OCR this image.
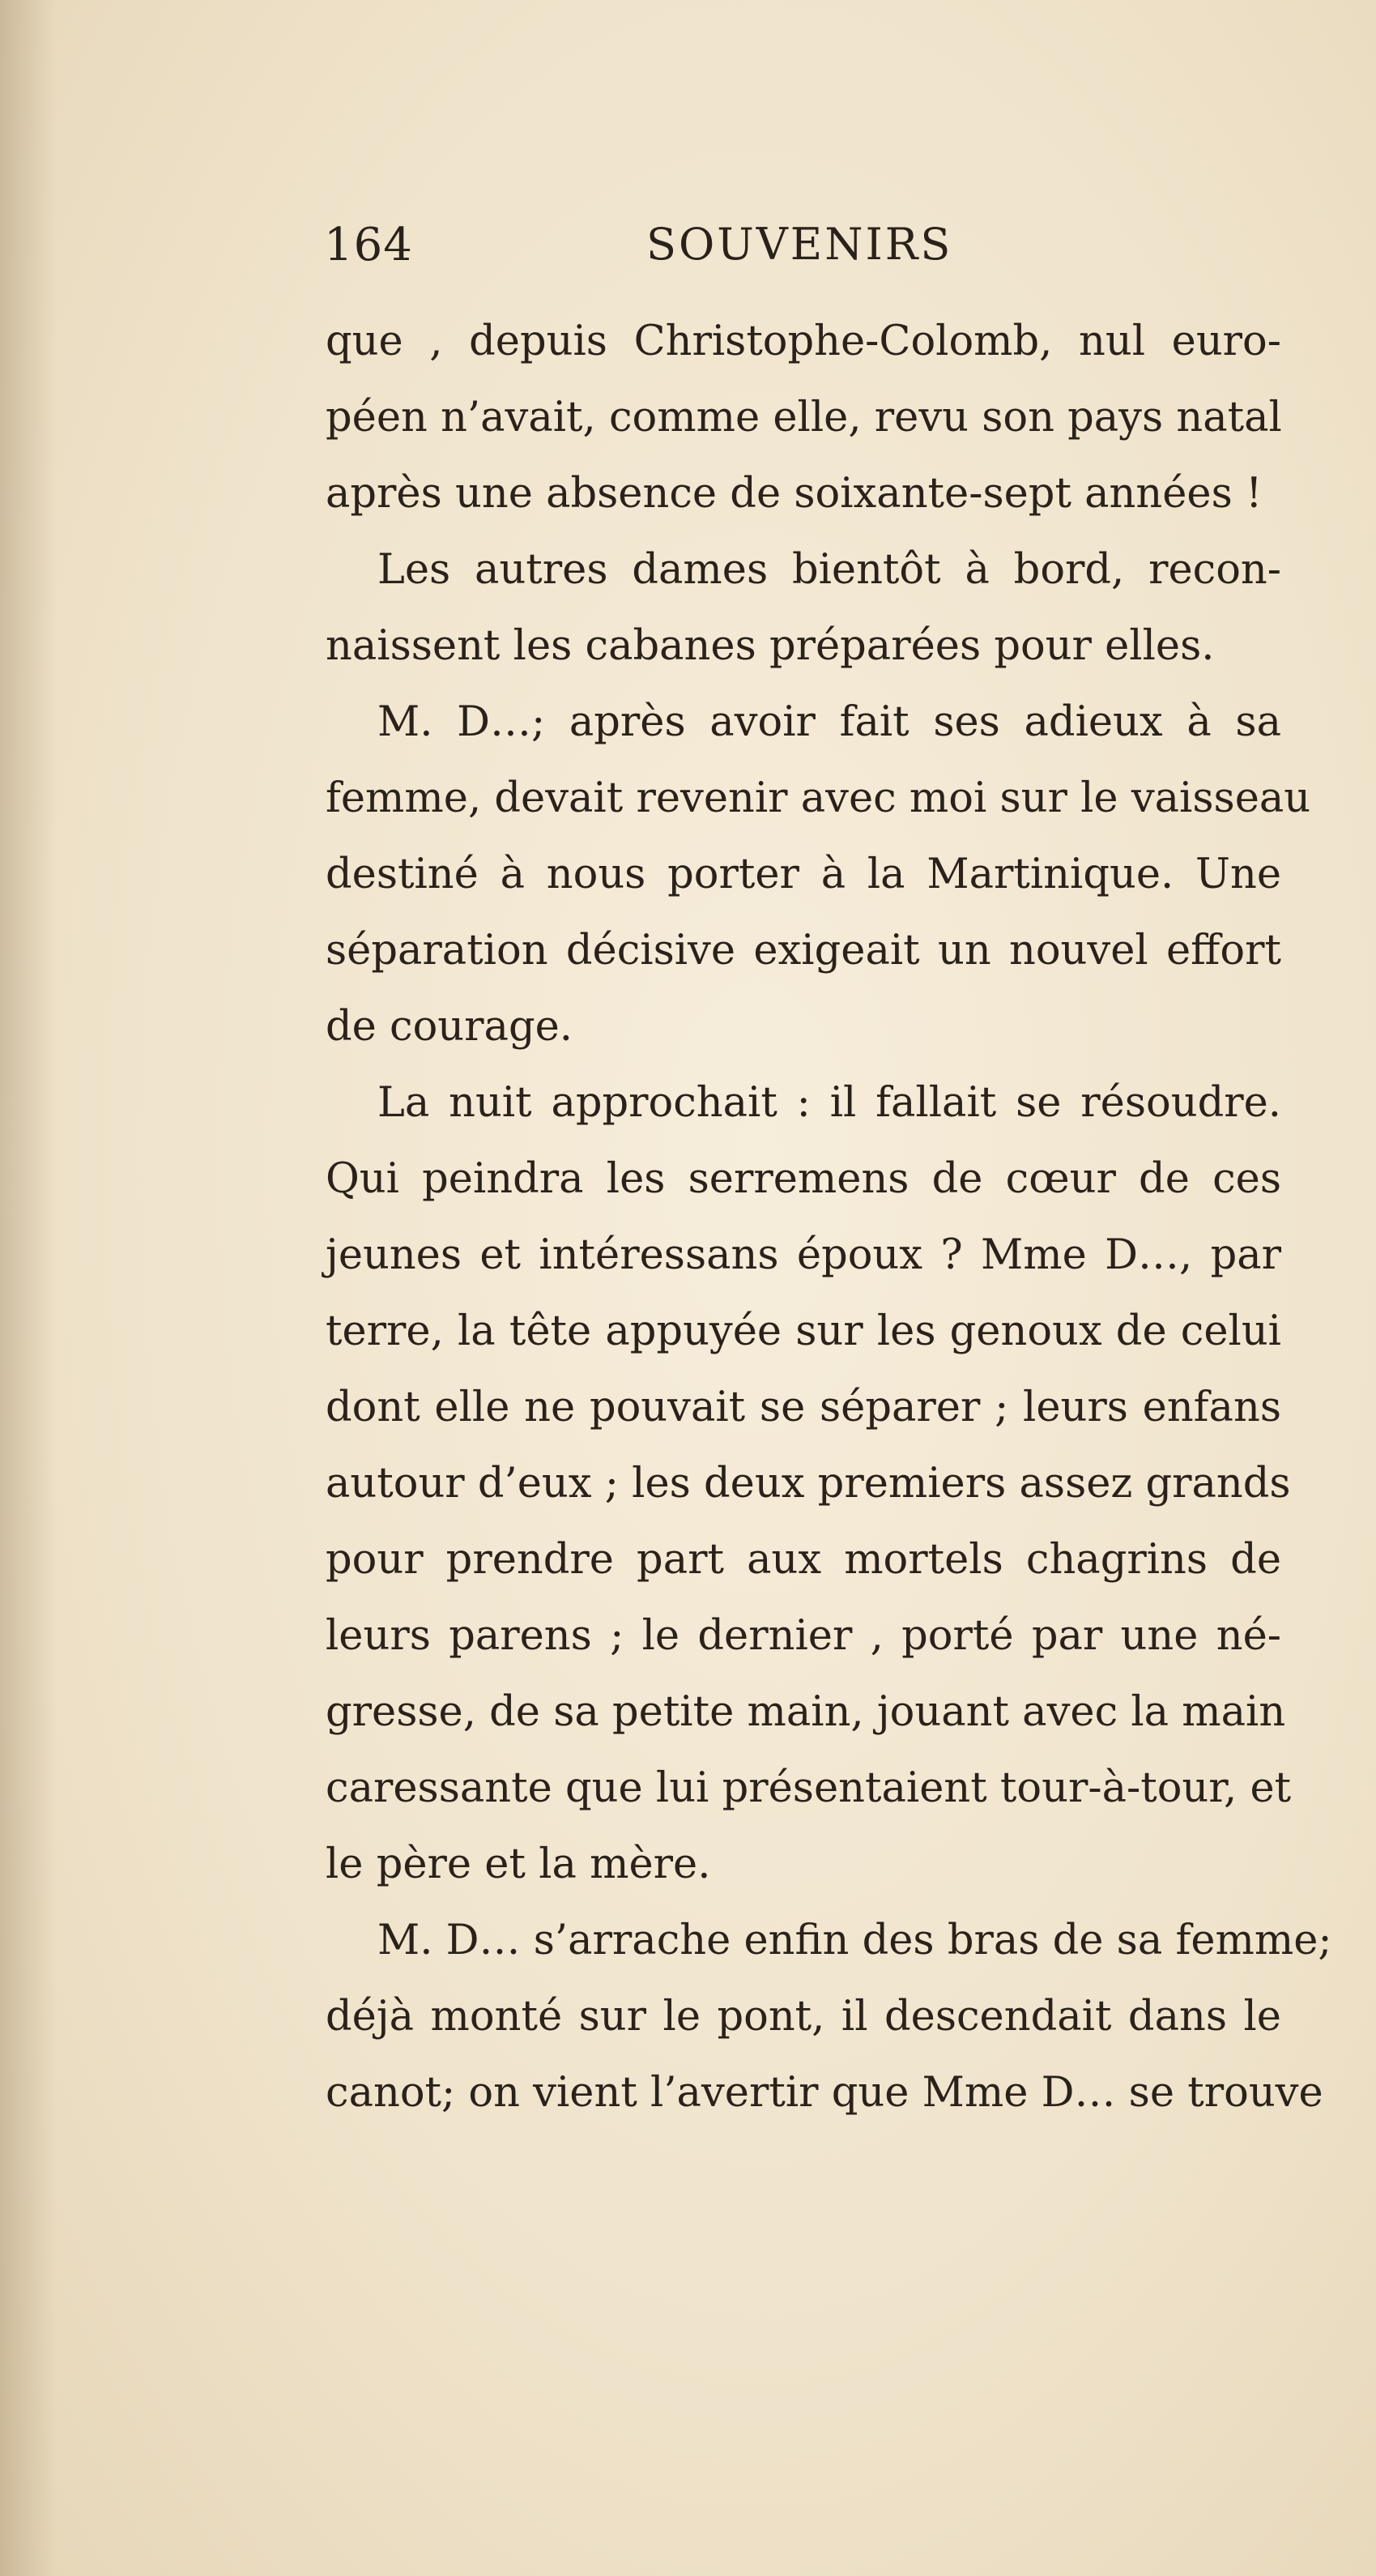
164	SOUVENIRS
que , depuis Christophe-Colomb, nul euro-
péen n’avait, comme elle, revu son pays natal
après une absence de soixante-sept années !
Les autres dames bientôt à bord, recon-
naissent les cabanes préparées pour elles.
M. D…; après avoir fait ses adieux à sa
femme, devait revenir avec moi sur le vaisseau
destiné à nous porter à la Martinique. Une
séparation décisive exigeait un nouvel effort
de courage.
La nuit approchait : il fallait se résoudre.
Qui peindra les serremens de cœur de ces
jeunes et intéressans époux ? Mme D…, par
terre, la tête appuyée sur les genoux de celui
dont elle ne pouvait se séparer ; leurs enfans
autour d’eux ; les deux premiers assez grands
pour prendre part aux mortels chagrins de
leurs parens ; le dernier , porté par une né-
gresse, de sa petite main, jouant avec la main
caressante que lui présentaient tour-à-tour, et
le père et la mère.
M. D… s’arrache enfin des bras de sa femme;
déjà monté sur le pont, il descendait dans le
canot; on vient l’avertir que Mme D… se trouve
